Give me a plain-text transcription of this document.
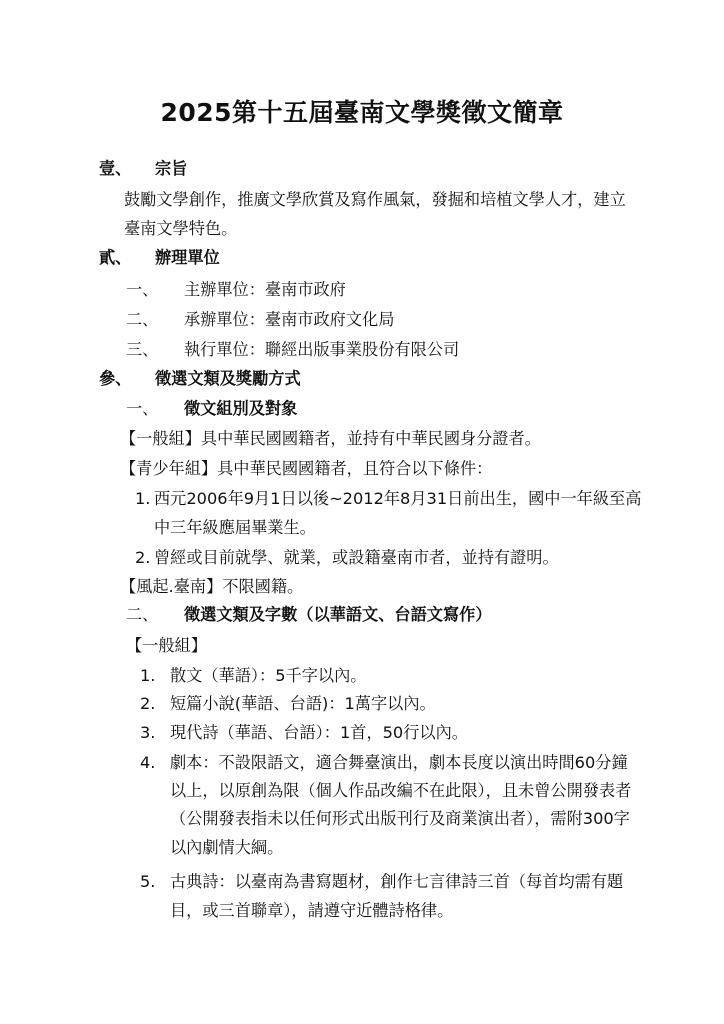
2025第十五屆臺南文學獎徵文簡章
壹、 宗旨
鼓勵文學創作，推廣文學欣賞及寫作風氣，發掘和培植文學人才，建立
臺南文學特色。
貳、 辦理單位
一、 主辦單位：臺南市政府
二、 承辦單位：臺南市政府文化局
三、 執行單位：聯經出版事業股份有限公司
參、 徵選文類及獎勵方式
一、 徵文組別及對象
【一般組】具中華民國國籍者，並持有中華民國身分證者。
【青少年組】具中華民國國籍者，且符合以下條件：
1. 西元2006年9月1日以後~2012年8月31日前出生，國中一年級至高
中三年級應屆畢業生。
2. 曾經或目前就學、就業，或設籍臺南市者，並持有證明。
【風起.臺南】不限國籍。
二、 徵選文類及字數（以華語文、台語文寫作）
【一般組】
1. 散文（華語）：5千字以內。
2. 短篇小說(華語、台語)：1萬字以內。
3. 現代詩（華語、台語）：1首，50行以內。
4. 劇本：不設限語文，適合舞臺演出，劇本長度以演出時間60分鐘
以上，以原創為限（個人作品改編不在此限），且未曾公開發表者
（公開發表指未以任何形式出版刊行及商業演出者），需附300字
以內劇情大綱。
5. 古典詩：以臺南為書寫題材，創作七言律詩三首（每首均需有題
目，或三首聯章），請遵守近體詩格律。
